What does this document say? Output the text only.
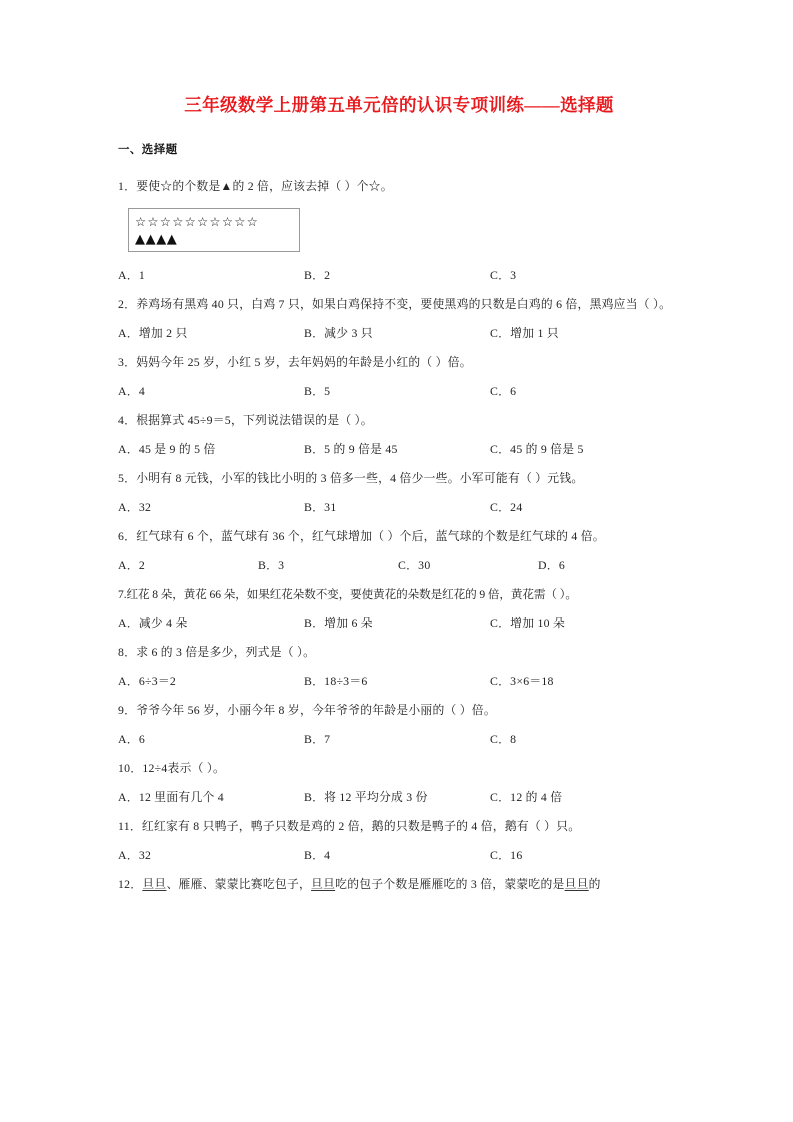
三年级数学上册第五单元倍的认识专项训练——选择题
一、选择题

1．要使☆的个数是▲的 2 倍，应该去掉（ ）个☆。

☆☆☆☆☆☆☆☆☆☆
▲▲▲▲
A．1	B．2	C．3

2．养鸡场有黑鸡 40 只，白鸡 7 只，如果白鸡保持不变，要使黑鸡的只数是白鸡的 6 倍，黑鸡应当（ ）。

A．增加 2 只	B．减少 3 只	C．增加 1 只

3．妈妈今年 25 岁，小红 5 岁，去年妈妈的年龄是小红的（ ）倍。

A．4	B．5	C．6

4．根据算式 45÷9＝5，下列说法错误的是（ ）。

A．45 是 9 的 5 倍	B．5 的 9 倍是 45	C．45 的 9 倍是 5

5．小明有 8 元钱，小军的钱比小明的 3 倍多一些，4 倍少一些。小军可能有（ ）元钱。

A．32	B．31	C．24

6．红气球有 6 个，蓝气球有 36 个，红气球增加（ ）个后，蓝气球的个数是红气球的 4 倍。

A．2	B．3	C．30	D．6

7.红花 8 朵，黄花 66 朵，如果红花朵数不变，要使黄花的朵数是红花的 9 倍，黄花需（ ）。

A．减少 4 朵	B．增加 6 朵	C．增加 10 朵

8．求 6 的 3 倍是多少，列式是（ ）。

A．6÷3＝2	B．18÷3＝6	C．3×6＝18

9．爷爷今年 56 岁，小丽今年 8 岁，今年爷爷的年龄是小丽的（ ）倍。

A．6	B．7	C．8

10．12÷4表示（ ）。

A．12 里面有几个 4	B．将 12 平均分成 3 份	C．12 的 4 倍

11．红红家有 8 只鸭子，鸭子只数是鸡的 2 倍，鹅的只数是鸭子的 4 倍，鹅有（ ）只。

A．32	B．4	C．16

12．旦旦、雁雁、蒙蒙比赛吃包子，旦旦吃的包子个数是雁雁吃的 3 倍，蒙蒙吃的是旦旦的
